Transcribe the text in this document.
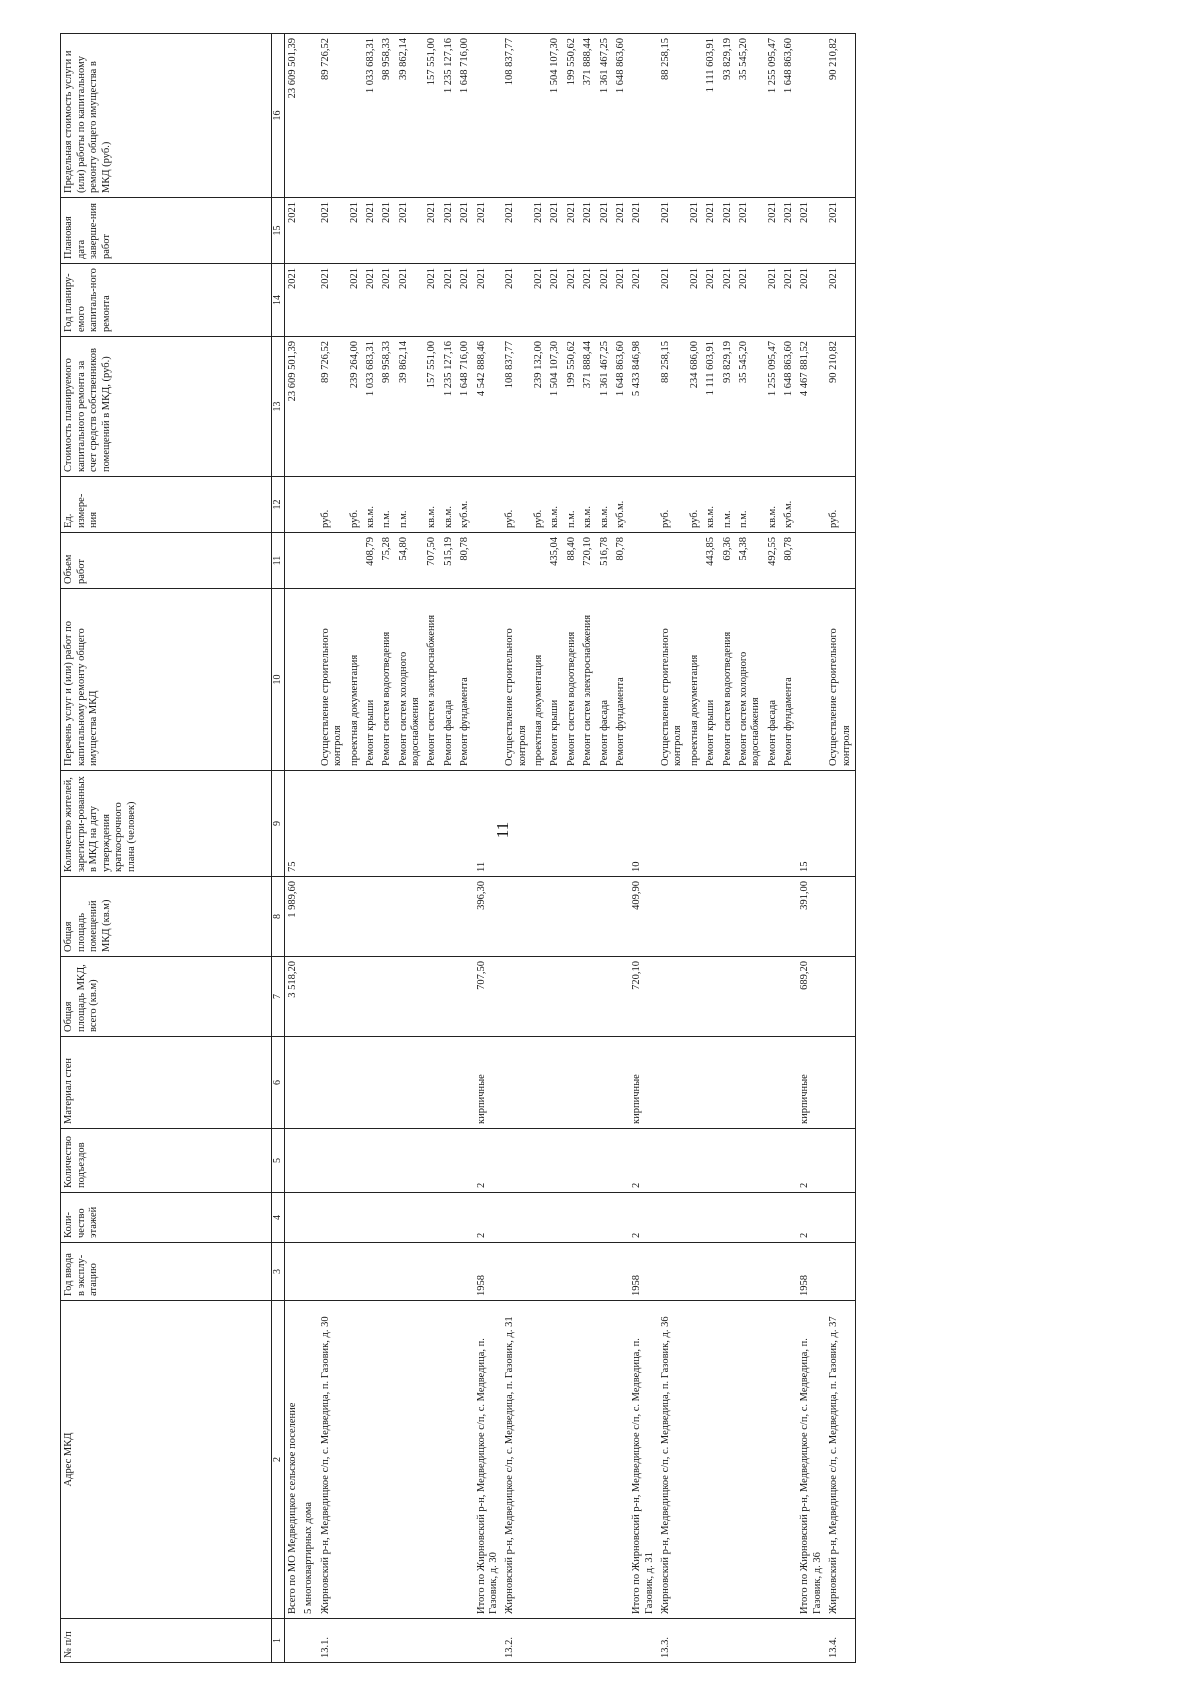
11
№ п/п	Адрес МКД	Год ввода в эксплу-атацию	Коли-чество этажей	Количество подъездов	Материал стен	Общая площадь МКД, всего (кв.м)	Общая площадь помещений МКД (кв.м)	Количество жителей, зарегистри-рованных в МКД на дату утверждения краткосрочного плана (человек)	Перечень услуг и (или) работ по капитальному ремонту общего имущества МКД	Объем работ	Ед. измере-ния	Стоимость планируемого капитального ремонта за счет средств собственников помещений в МКД, (руб.)	Год планиру-емого капиталь-ного ремонта	Плановая дата заверше-ния работ	Предельная стоимость услуги и (или) работы по капитальному ремонту общего имущества в МКД (руб.)
1	2	3	4	5	6	7	8	9	10	11	12	13	14	15	16
	Всего по МО Медведицкое сельское поселение					3 518,20	1 989,60	75				23 609 501,39	2021	2021	23 609 501,39
	5 многоквартирных дома														
13.1.	Жирновский р-н, Медведицкое с/п, с. Медведица, п. Газовик, д. 30								Осуществление строительного контроля		руб.	89 726,52	2021	2021	89 726,52
									проектная документация		руб.	239 264,00	2021	2021	
									Ремонт крыши	408,79	кв.м.	1 033 683,31	2021	2021	1 033 683,31
									Ремонт систем водоотведения	75,28	п.м.	98 958,33	2021	2021	98 958,33
									Ремонт систем холодного водоснабжения	54,80	п.м.	39 862,14	2021	2021	39 862,14
									Ремонт систем электроснабжения	707,50	кв.м.	157 551,00	2021	2021	157 551,00
									Ремонт фасада	515,19	кв.м.	1 235 127,16	2021	2021	1 235 127,16
									Ремонт фундамента	80,78	куб.м.	1 648 716,00	2021	2021	1 648 716,00
	Итого по Жирновский р-н, Медведицкое с/п, с. Медведица, п. Газовик, д. 30	1958	2	2	кирпичные	707,50	396,30	11				4 542 888,46	2021	2021	
13.2.	Жирновский р-н, Медведицкое с/п, с. Медведица, п. Газовик, д. 31								Осуществление строительного контроля		руб.	108 837,77	2021	2021	108 837,77
									проектная документация		руб.	239 132,00	2021	2021	
									Ремонт крыши	435,04	кв.м.	1 504 107,30	2021	2021	1 504 107,30
									Ремонт систем водоотведения	88,40	п.м.	199 550,62	2021	2021	199 550,62
									Ремонт систем электроснабжения	720,10	кв.м.	371 888,44	2021	2021	371 888,44
									Ремонт фасада	516,78	кв.м.	1 361 467,25	2021	2021	1 361 467,25
									Ремонт фундамента	80,78	куб.м.	1 648 863,60	2021	2021	1 648 863,60
	Итого по Жирновский р-н, Медведицкое с/п, с. Медведица, п. Газовик, д. 31	1958	2	2	кирпичные	720,10	409,90	10				5 433 846,98	2021	2021	
13.3.	Жирновский р-н, Медведицкое с/п, с. Медведица, п. Газовик, д. 36								Осуществление строительного контроля		руб.	88 258,15	2021	2021	88 258,15
									проектная документация		руб.	234 686,00	2021	2021	
									Ремонт крыши	443,85	кв.м.	1 111 603,91	2021	2021	1 111 603,91
									Ремонт систем водоотведения	69,36	п.м.	93 829,19	2021	2021	93 829,19
									Ремонт систем холодного водоснабжения	54,38	п.м.	35 545,20	2021	2021	35 545,20
									Ремонт фасада	492,55	кв.м.	1 255 095,47	2021	2021	1 255 095,47
									Ремонт фундамента	80,78	куб.м.	1 648 863,60	2021	2021	1 648 863,60
	Итого по Жирновский р-н, Медведицкое с/п, с. Медведица, п. Газовик, д. 36	1958	2	2	кирпичные	689,20	391,00	15				4 467 881,52	2021	2021	
13.4.	Жирновский р-н, Медведицкое с/п, с. Медведица, п. Газовик, д. 37								Осуществление строительного контроля		руб.	90 210,82	2021	2021	90 210,82
